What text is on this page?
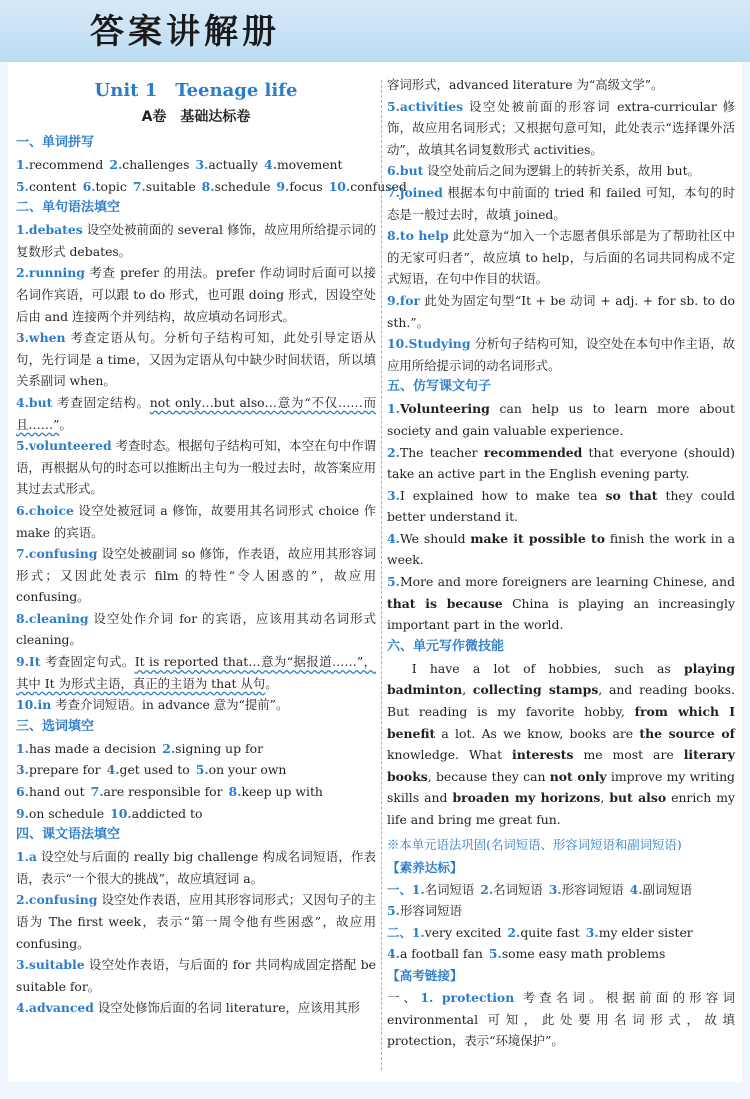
答案讲解册

Unit 1　Teenage life

A卷　基础达标卷

一、单词拼写

1.recommend 2.challenges 3.actually 4.movement

5.content 6.topic 7.suitable 8.schedule 9.focus 10.confused

二、单句语法填空

1.debates 设空处被前面的 several 修饰，故应用所给提示词的复数形式 debates。

2.running 考查 prefer 的用法。prefer 作动词时后面可以接名词作宾语，可以跟 to do 形式，也可跟 doing 形式，因设空处后由 and 连接两个并列结构，故应填动名词形式。

3.when 考查定语从句。分析句子结构可知，此处引导定语从句，先行词是 a time，又因为定语从句中缺少时间状语，所以填关系副词 when。

4.but 考查固定结构。not only…but also…意为“不仅……而且……”。

5.volunteered 考查时态。根据句子结构可知，本空在句中作谓语，再根据从句的时态可以推断出主句为一般过去时，故答案应用其过去式形式。

6.choice 设空处被冠词 a 修饰，故要用其名词形式 choice 作 make 的宾语。

7.confusing 设空处被副词 so 修饰，作表语，故应用其形容词形式；又因此处表示 film 的特性“令人困惑的”，故应用 confusing。

8.cleaning 设空处作介词 for 的宾语，应该用其动名词形式 cleaning。

9.It 考查固定句式。It is reported that…意为“据报道……”，其中 It 为形式主语，真正的主语为 that 从句。

10.in 考查介词短语。in advance 意为“提前”。

三、选词填空

1.has made a decision 2.signing up for

3.prepare for 4.get used to 5.on your own

6.hand out 7.are responsible for 8.keep up with

9.on schedule 10.addicted to

四、课文语法填空

1.a 设空处与后面的 really big challenge 构成名词短语，作表语，表示“一个很大的挑战”，故应填冠词 a。

2.confusing 设空处作表语，应用其形容词形式；又因句子的主语为 The first week，表示“第一周令他有些困惑”，故应用 confusing。

3.suitable 设空处作表语，与后面的 for 共同构成固定搭配 be suitable for。

4.advanced 设空处修饰后面的名词 literature，应该用其形

容词形式，advanced literature 为“高级文学”。

5.activities 设空处被前面的形容词 extra-curricular 修饰，故应用名词形式；又根据句意可知，此处表示“选择课外活动”，故填其名词复数形式 activities。

6.but 设空处前后之间为逻辑上的转折关系，故用 but。

7.joined 根据本句中前面的 tried 和 failed 可知，本句的时态是一般过去时，故填 joined。

8.to help 此处意为“加入一个志愿者俱乐部是为了帮助社区中的无家可归者”，故应填 to help，与后面的名词共同构成不定式短语，在句中作目的状语。

9.for 此处为固定句型“It + be 动词 + adj. + for sb. to do sth.”。

10.Studying 分析句子结构可知，设空处在本句中作主语，故应用所给提示词的动名词形式。

五、仿写课文句子

1.Volunteering can help us to learn more about society and gain valuable experience.

2.The teacher recommended that everyone (should) take an active part in the English evening party.

3.I explained how to make tea so that they could better understand it.

4.We should make it possible to finish the work in a week.

5.More and more foreigners are learning Chinese, and that is because China is playing an increasingly important part in the world.

六、单元写作微技能

I have a lot of hobbies, such as playing badminton, collecting stamps, and reading books. But reading is my favorite hobby, from which I benefit a lot. As we know, books are the source of knowledge. What interests me most are literary books, because they can not only improve my writing skills and broaden my horizons, but also enrich my life and bring me great fun.

※本单元语法巩固(名词短语、形容词短语和副词短语)

【素养达标】

一、1.名词短语 2.名词短语 3.形容词短语 4.副词短语

5.形容词短语

二、1.very excited 2.quite fast 3.my elder sister

4.a football fan 5.some easy math problems

【高考链接】

一、1. protection 考查名词。根据前面的形容词 environmental 可知，此处要用名词形式，故填 protection，表示“环境保护”。
